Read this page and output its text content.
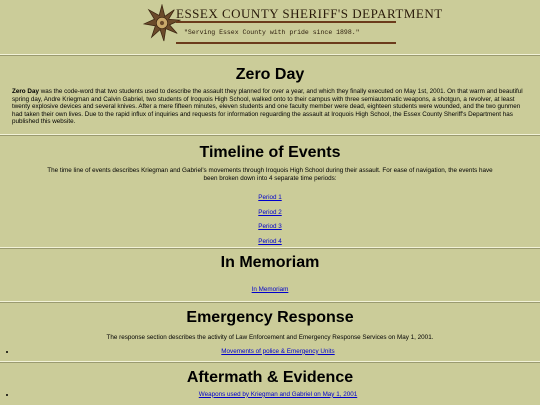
ESSEX COUNTY SHERIFF'S DEPARTMENT
"Serving Essex County with pride since 1898."
Zero Day

Zero Day was the code-word that two students used to describe the assault they planned for over a year, and which they finally executed on May 1st, 2001. On that warm and beautiful spring day, Andre Kriegman and Calvin Gabriel, two students of Iroquois High School, walked onto to their campus with three semiautomatic weapons, a shotgun, a revolver, at least twenty explosive devices and several knives. After a mere fifteen minutes, eleven students and one faculty member were dead, eighteen students were wounded, and the two gunmen had taken their own lives. Due to the rapid influx of inquiries and requests for information reguarding the assault at Iroquois High School, the Essex County Sheriff's Department has published this website.

Timeline of Events

The time line of events describes Kriegman and Gabriel's movements through Iroquois High School during their assault. For ease of navigation, the events have been broken down into 4 separate time periods:

Period 1
Period 2
Period 3
Period 4
In Memoriam
In Memoriam
Emergency Response

The response section describes the activity of Law Enforcement and Emergency Response Services on May 1, 2001.

• Movements of police & Emergency Units
Aftermath & Evidence
• Weapons used by Kriegman and Gabriel on May 1, 2001
